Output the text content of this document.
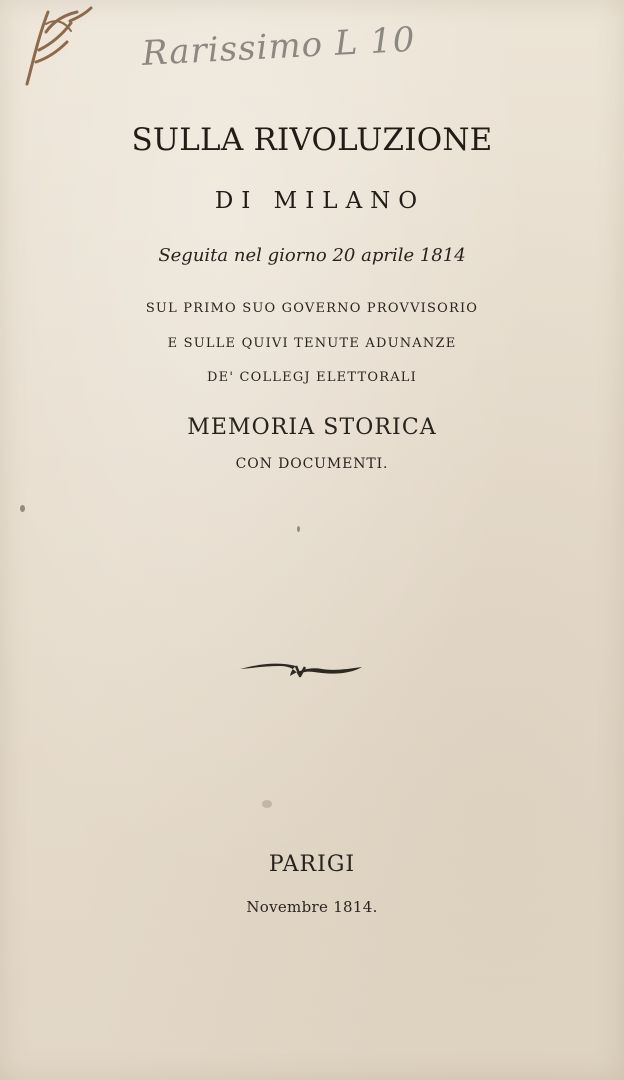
Rarissimo L 10
SULLA RIVOLUZIONE
DI MILANO
Seguita nel giorno 20 aprile 1814
SUL PRIMO SUO GOVERNO PROVVISORIO
E SULLE QUIVI TENUTE ADUNANZE
DE' COLLEGJ ELETTORALI
MEMORIA STORICA
CON DOCUMENTI.
PARIGI
Novembre 1814.
